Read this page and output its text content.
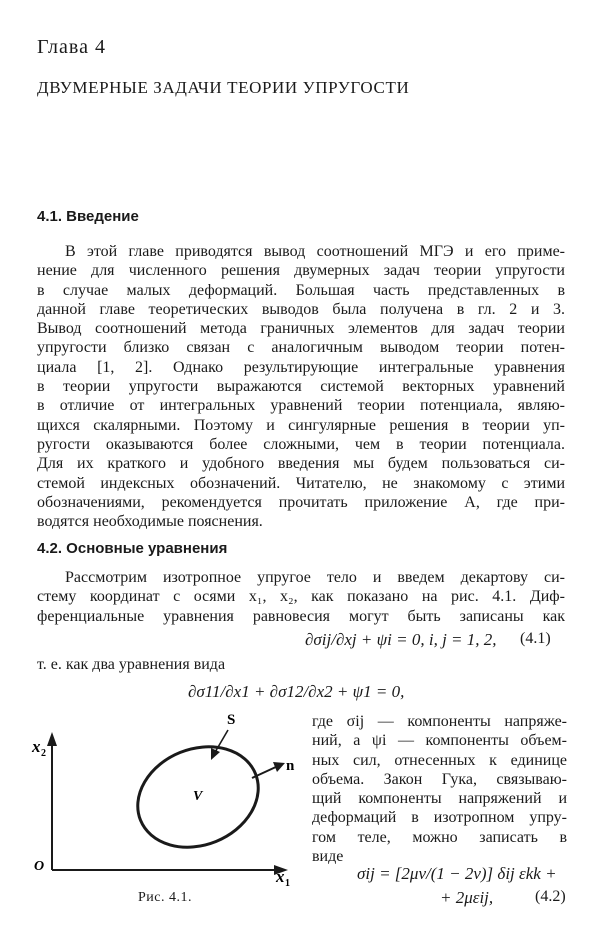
Глава 4
ДВУМЕРНЫЕ ЗАДАЧИ ТЕОРИИ УПРУГОСТИ
4.1. Введение
В этой главе приводятся вывод соотношений МГЭ и его приме-
нение для численного решения двумерных задач теории упругости
в случае малых деформаций. Большая часть представленных в
данной главе теоретических выводов была получена в гл. 2 и 3.
Вывод соотношений метода граничных элементов для задач теории
упругости близко связан с аналогичным выводом теории потен-
циала [1, 2]. Однако результирующие интегральные уравнения
в теории упругости выражаются системой векторных уравнений
в отличие от интегральных уравнений теории потенциала, являю-
щихся скалярными. Поэтому и сингулярные решения в теории уп-
ругости оказываются более сложными, чем в теории потенциала.
Для их краткого и удобного введения мы будем пользоваться си-
стемой индексных обозначений. Читателю, не знакомому с этими
обозначениями, рекомендуется прочитать приложение А, где при-
водятся необходимые пояснения.
4.2. Основные уравнения
Рассмотрим изотропное упругое тело и введем декартову си-
стему координат с осями x₁, x₂, как показано на рис. 4.1. Диф-
ференциальные уравнения равновесия могут быть записаны как
∂σij/∂xj + ψi = 0, i, j = 1, 2, (4.1)
т. е. как два уравнения вида
∂σ11/∂x1 + ∂σ12/∂x2 + ψ1 = 0,
где σij — компоненты напряже-
ний, а ψi — компоненты объем-
ных сил, отнесенных к единице
объема. Закон Гука, связываю-
щий компоненты напряжений и
деформаций в изотропном упру-
гом теле, можно записать в
виде
σij = [2μν/(1 − 2ν)] δij εkk +
+ 2μεij,	(4.2)
S
n
V
O
x 2
x 1
Рис. 4.1.
